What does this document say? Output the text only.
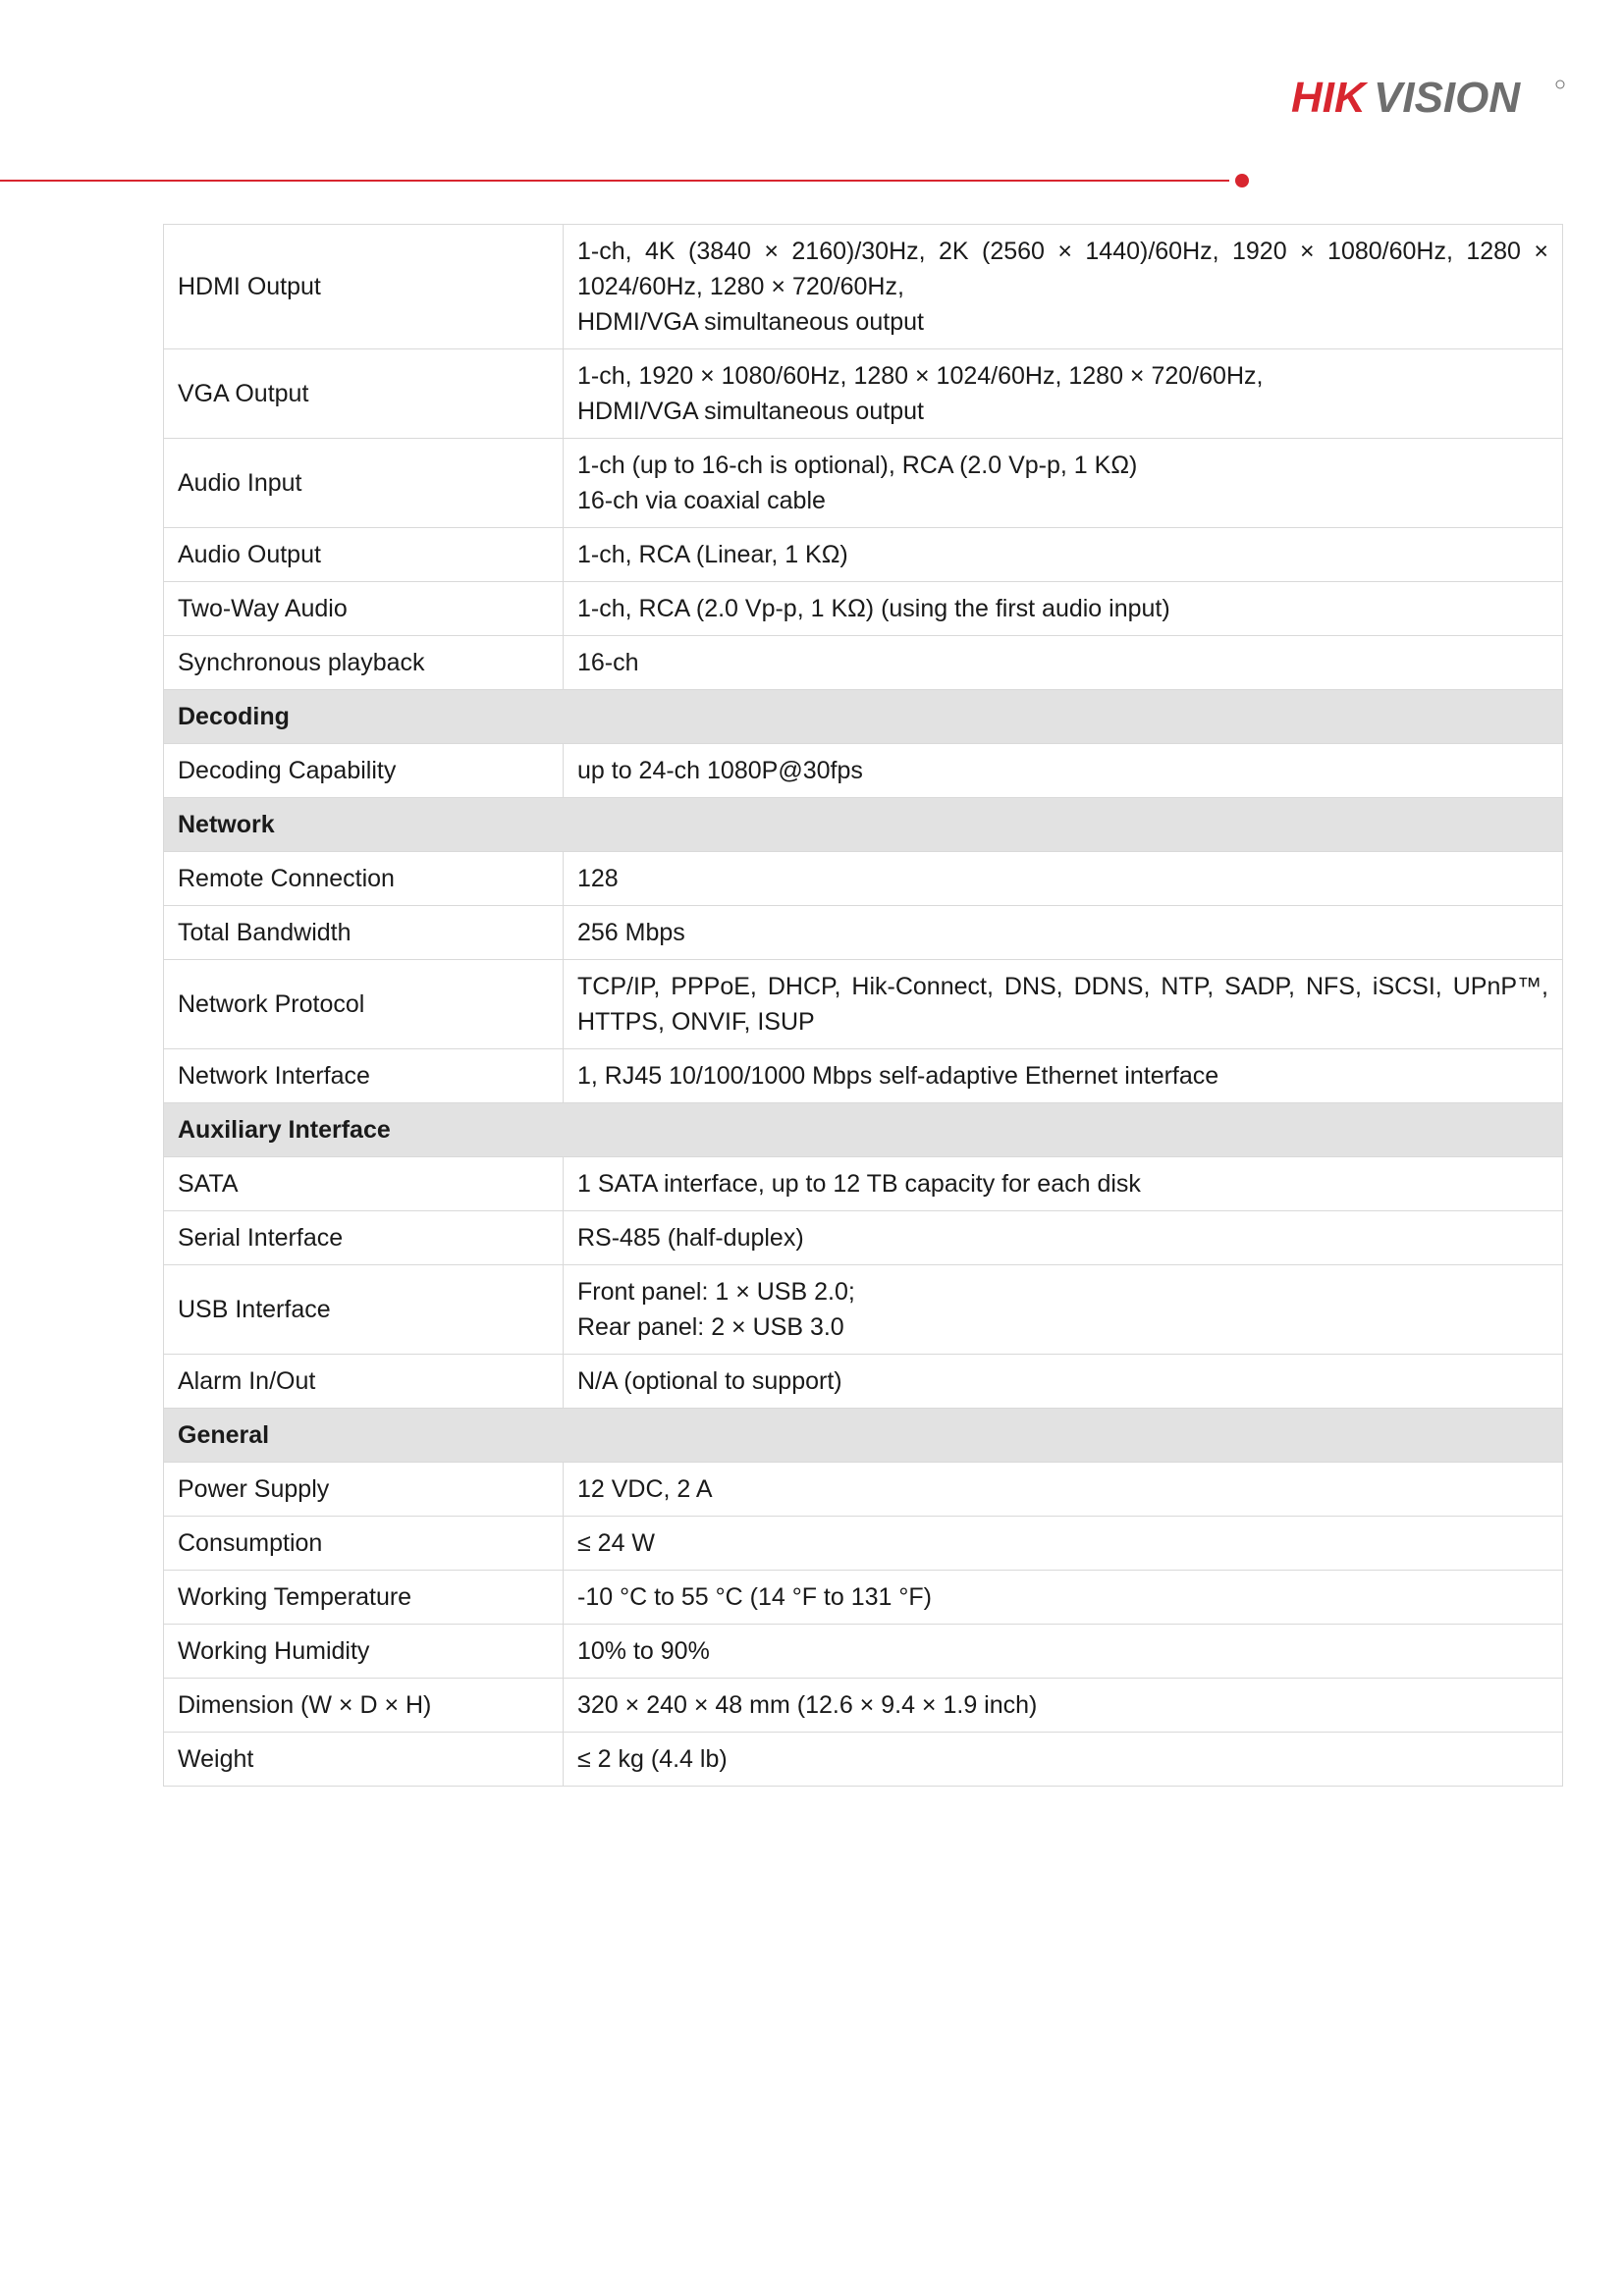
HIK VISION
HDMI Output	1-ch, 4K (3840 × 2160)/30Hz, 2K (2560 × 1440)/60Hz, 1920 × 1080/60Hz, 1280 × 1024/60Hz, 1280 × 720/60Hz,
HDMI/VGA simultaneous output

VGA Output	1-ch, 1920 × 1080/60Hz, 1280 × 1024/60Hz, 1280 × 720/60Hz,
HDMI/VGA simultaneous output

Audio Input	1-ch (up to 16-ch is optional), RCA (2.0 Vp-p, 1 KΩ)
16-ch via coaxial cable

Audio Output	1-ch, RCA (Linear, 1 KΩ)

Two-Way Audio	1-ch, RCA (2.0 Vp-p, 1 KΩ) (using the first audio input)

Synchronous playback	16-ch

Decoding	
Decoding Capability	up to 24-ch 1080P@30fps

Network	
Remote Connection	128

Total Bandwidth	256 Mbps

Network Protocol	TCP/IP, PPPoE, DHCP, Hik-Connect, DNS, DDNS, NTP, SADP, NFS, iSCSI, UPnP™, HTTPS, ONVIF, ISUP

Network Interface	1, RJ45 10/100/1000 Mbps self-adaptive Ethernet interface

Auxiliary Interface	
SATA	1 SATA interface, up to 12 TB capacity for each disk

Serial Interface	RS-485 (half-duplex)

USB Interface	Front panel: 1 × USB 2.0;
Rear panel: 2 × USB 3.0

Alarm In/Out	N/A (optional to support)

General	
Power Supply	12 VDC, 2 A

Consumption	≤ 24 W

Working Temperature	-10 °C to 55 °C (14 °F to 131 °F)

Working Humidity	10% to 90%

Dimension (W × D × H)	320 × 240 × 48 mm (12.6 × 9.4 × 1.9 inch)

Weight	≤ 2 kg (4.4 lb)
